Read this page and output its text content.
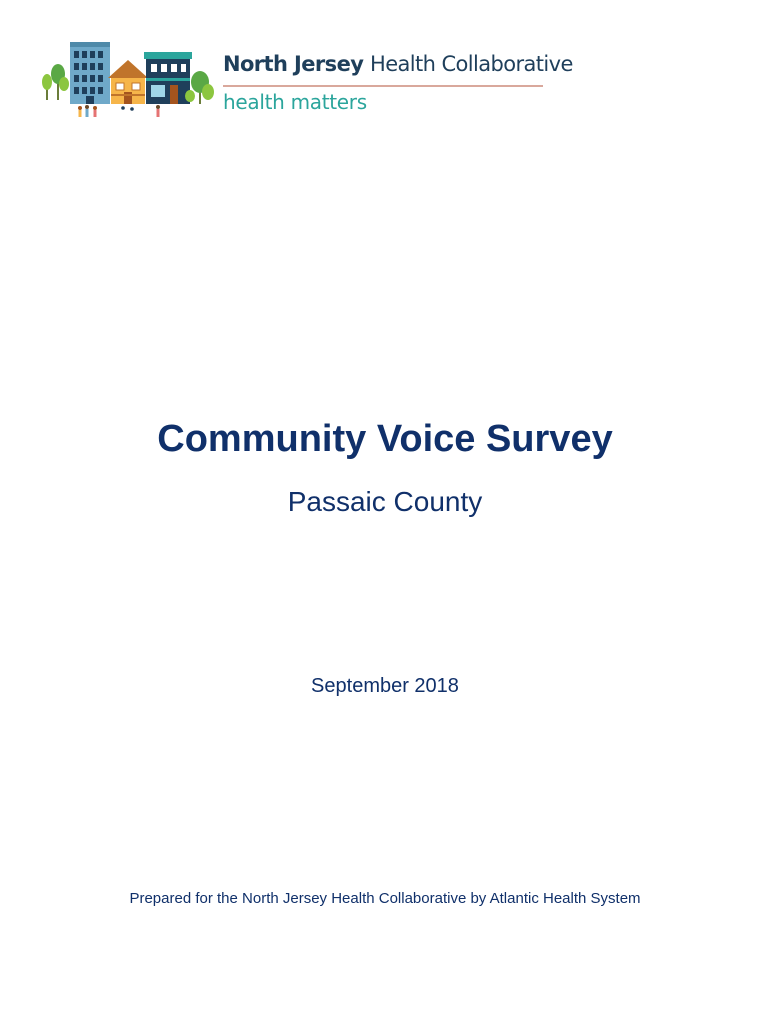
North Jersey Health Collaborative
health matters
Community Voice Survey
Passaic County
September 2018
Prepared for the North Jersey Health Collaborative by Atlantic Health System
